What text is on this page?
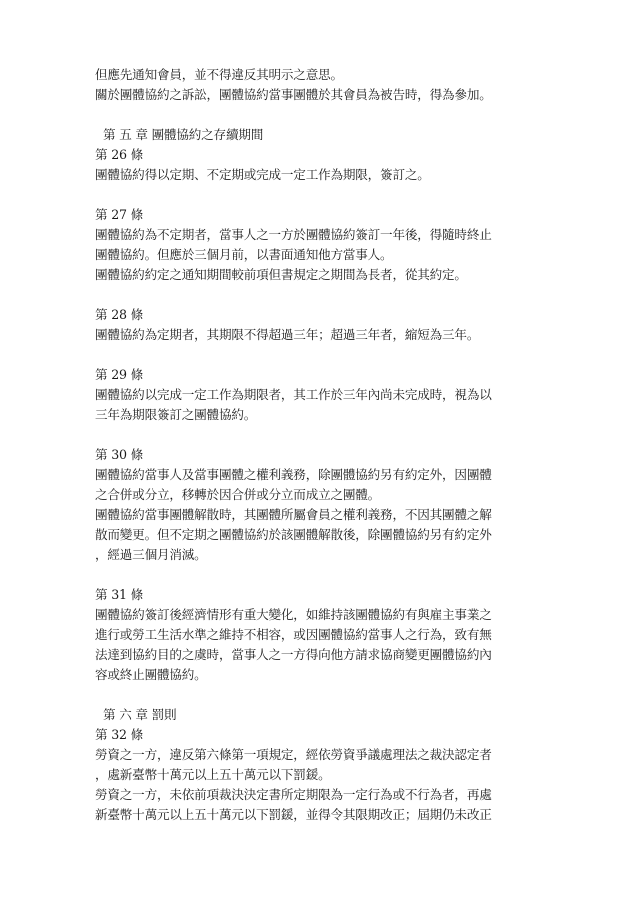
但應先通知會員，並不得違反其明示之意思。
關於團體協約之訴訟，團體協約當事團體於其會員為被告時，得為參加。
第 五 章 團體協約之存續期間
第 26 條
團體協約得以定期、不定期或完成一定工作為期限，簽訂之。
第 27 條
團體協約為不定期者，當事人之一方於團體協約簽訂一年後，得隨時終止
團體協約。但應於三個月前，以書面通知他方當事人。
團體協約約定之通知期間較前項但書規定之期間為長者，從其約定。
第 28 條
團體協約為定期者，其期限不得超過三年；超過三年者，縮短為三年。
第 29 條
團體協約以完成一定工作為期限者，其工作於三年內尚未完成時，視為以
三年為期限簽訂之團體協約。
第 30 條
團體協約當事人及當事團體之權利義務，除團體協約另有約定外，因團體
之合併或分立，移轉於因合併或分立而成立之團體。
團體協約當事團體解散時，其團體所屬會員之權利義務，不因其團體之解
散而變更。但不定期之團體協約於該團體解散後，除團體協約另有約定外
，經過三個月消滅。
第 31 條
團體協約簽訂後經濟情形有重大變化，如維持該團體協約有與雇主事業之
進行或勞工生活水準之維持不相容，或因團體協約當事人之行為，致有無
法達到協約目的之虞時，當事人之一方得向他方請求協商變更團體協約內
容或終止團體協約。
第 六 章 罰則
第 32 條
勞資之一方，違反第六條第一項規定，經依勞資爭議處理法之裁決認定者
，處新臺幣十萬元以上五十萬元以下罰鍰。
勞資之一方，未依前項裁決決定書所定期限為一定行為或不行為者，再處
新臺幣十萬元以上五十萬元以下罰鍰，並得令其限期改正；屆期仍未改正
